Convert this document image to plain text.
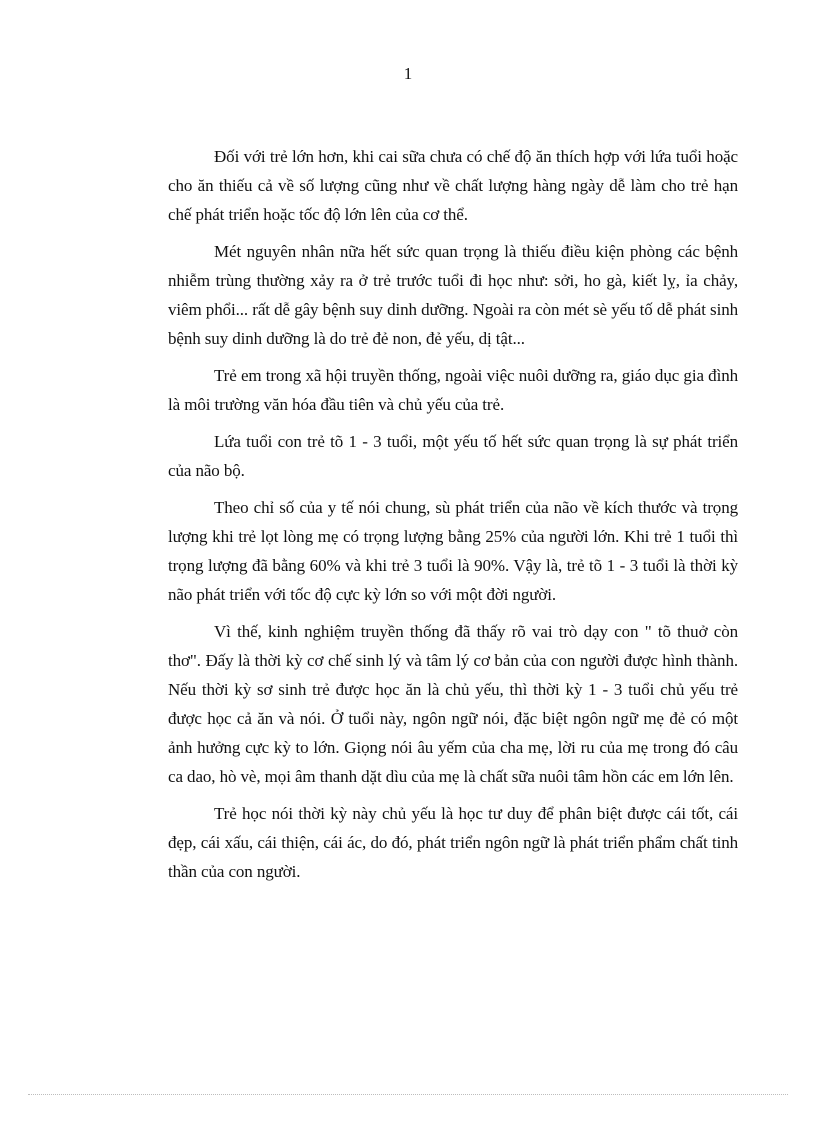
1

Đối với trẻ lớn hơn, khi cai sữa chưa có chế độ ăn thích hợp với lứa tuổi hoặc cho ăn thiếu cả về số lượng cũng như về chất lượng hàng ngày dễ làm cho trẻ hạn chế phát triển hoặc tốc độ lớn lên của cơ thể.

Mét nguyên nhân nữa hết sức quan trọng là thiếu điều kiện phòng các bệnh nhiễm trùng thường xảy ra ở trẻ trước tuổi đi học như: sởi, ho gà, kiết lỵ, ỉa chảy, viêm phổi... rất dễ gây bệnh suy dinh dưỡng. Ngoài ra còn mét sè yếu tố dễ phát sinh bệnh suy dinh dưỡng là do trẻ đẻ non, đẻ yếu, dị tật...

Trẻ em trong xã hội truyền thống, ngoài việc nuôi dưỡng ra, giáo dục gia đình là môi trường văn hóa đầu tiên và chủ yếu của trẻ.

Lứa tuổi con trẻ tõ 1 - 3 tuổi, một yếu tố hết sức quan trọng là sự phát triển của não bộ.

Theo chỉ số của y tế nói chung, sù phát triển của não về kích thước và trọng lượng khi trẻ lọt lòng mẹ có trọng lượng bằng 25% của người lớn. Khi trẻ 1 tuổi thì trọng lượng đã bằng 60% và khi trẻ 3 tuổi là 90%. Vậy là, trẻ tõ 1 - 3 tuổi là thời kỳ não phát triển với tốc độ cực kỳ lớn so với một đời người.

Vì thế, kinh nghiệm truyền thống đã thấy rõ vai trò dạy con " tõ thuở còn thơ". Đấy là thời kỳ cơ chế sinh lý và tâm lý cơ bản của con người được hình thành. Nếu thời kỳ sơ sinh trẻ được học ăn là chủ yếu, thì thời kỳ 1 - 3 tuổi chủ yếu trẻ được học cả ăn và nói. Ở tuổi này, ngôn ngữ nói, đặc biệt ngôn ngữ mẹ đẻ có một ảnh hưởng cực kỳ to lớn. Giọng nói âu yếm của cha mẹ, lời ru của mẹ trong đó câu ca dao, hò vè, mọi âm thanh dặt dìu của mẹ là chất sữa nuôi tâm hồn các em lớn lên.

Trẻ học nói thời kỳ này chủ yếu là học tư duy để phân biệt được cái tốt, cái đẹp, cái xấu, cái thiện, cái ác, do đó, phát triển ngôn ngữ là phát triển phẩm chất tinh thần của con người.
